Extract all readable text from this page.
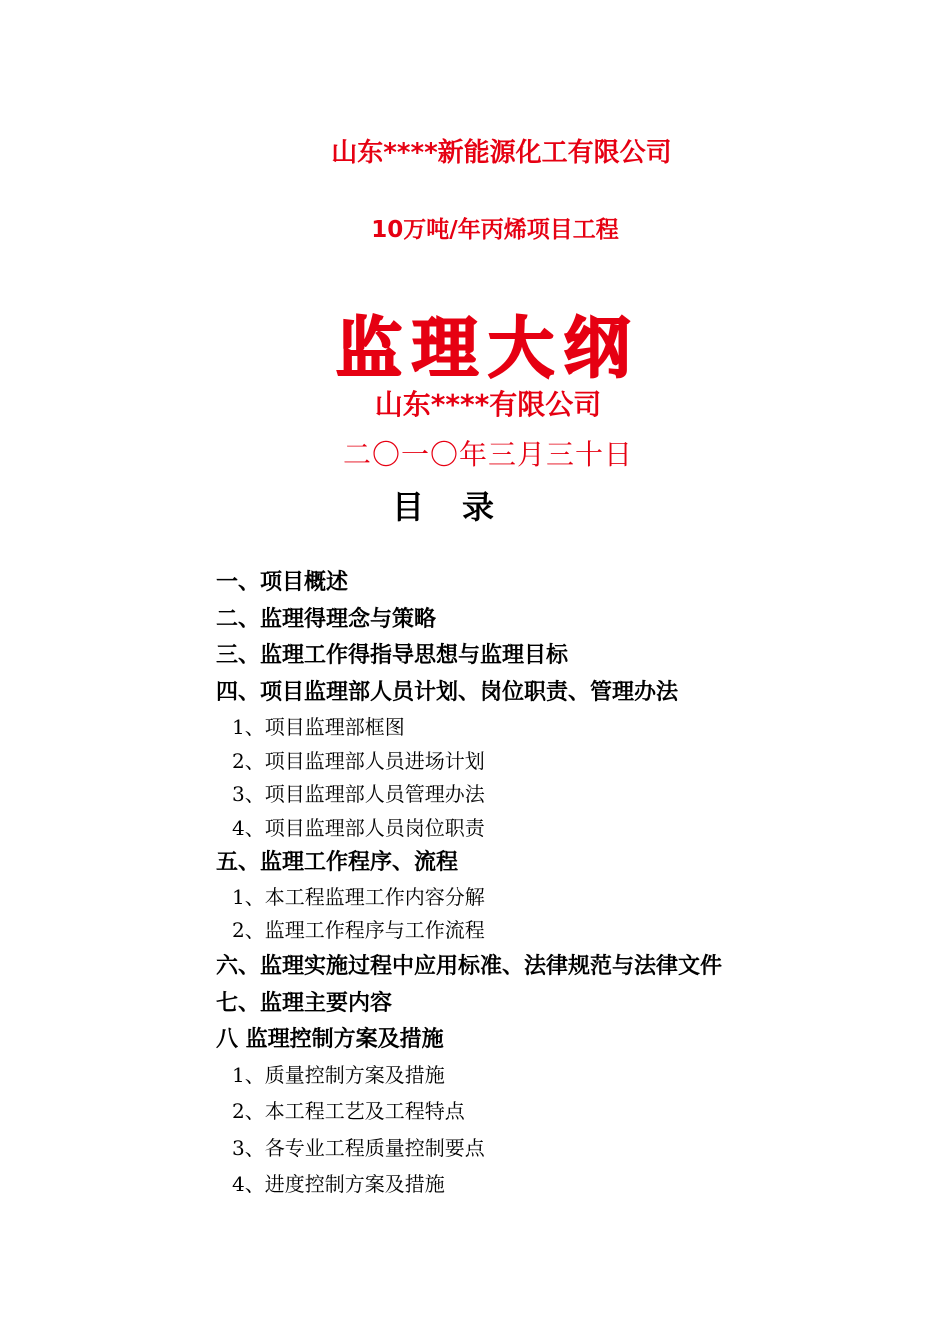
山东****新能源化工有限公司
10万吨/年丙烯项目工程
监理大纲
山东****有限公司
二〇一〇年三月三十日
目 录
一、项目概述
二、监理得理念与策略
三、监理工作得指导思想与监理目标
四、项目监理部人员计划、岗位职责、管理办法
1、项目监理部框图
2、项目监理部人员进场计划
3、项目监理部人员管理办法
4、项目监理部人员岗位职责
五、监理工作程序、流程
1、本工程监理工作内容分解
2、监理工作程序与工作流程
六、监理实施过程中应用标准、法律规范与法律文件
七、监理主要内容
八 监理控制方案及措施
1、质量控制方案及措施
2、本工程工艺及工程特点
3、各专业工程质量控制要点
4、进度控制方案及措施
